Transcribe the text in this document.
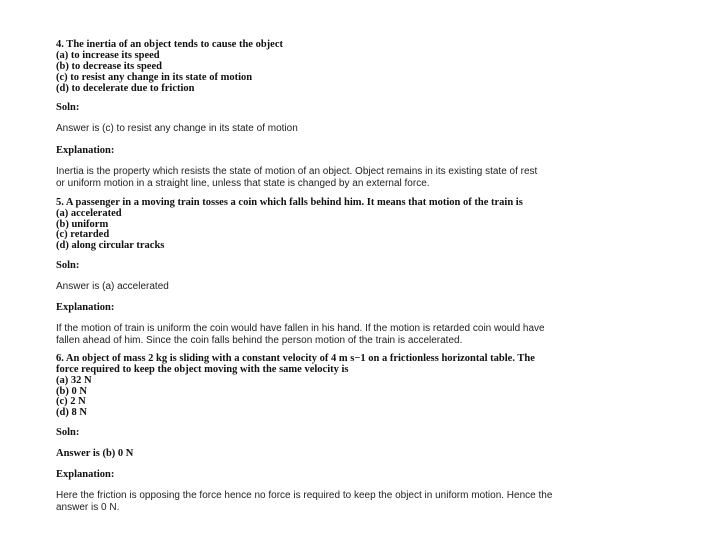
4. The inertia of an object tends to cause the object
(a) to increase its speed
(b) to decrease its speed
(c) to resist any change in its state of motion
(d) to decelerate due to friction
Soln:
Answer is (c) to resist any change in its state of motion
Explanation:
Inertia is the property which resists the state of motion of an object. Object remains in its existing state of rest
or uniform motion in a straight line, unless that state is changed by an external force.
5. A passenger in a moving train tosses a coin which falls behind him. It means that motion of the train is
(a) accelerated
(b) uniform
(c) retarded
(d) along circular tracks
Soln:
Answer is (a) accelerated
Explanation:
If the motion of train is uniform the coin would have fallen in his hand. If the motion is retarded coin would have
fallen ahead of him. Since the coin falls behind the person motion of the train is accelerated.
6. An object of mass 2 kg is sliding with a constant velocity of 4 m s−1 on a frictionless horizontal table. The
force required to keep the object moving with the same velocity is
(a) 32 N
(b) 0 N
(c) 2 N
(d) 8 N
Soln:
Answer is (b) 0 N
Explanation:
Here the friction is opposing the force hence no force is required to keep the object in uniform motion. Hence the
answer is 0 N.
